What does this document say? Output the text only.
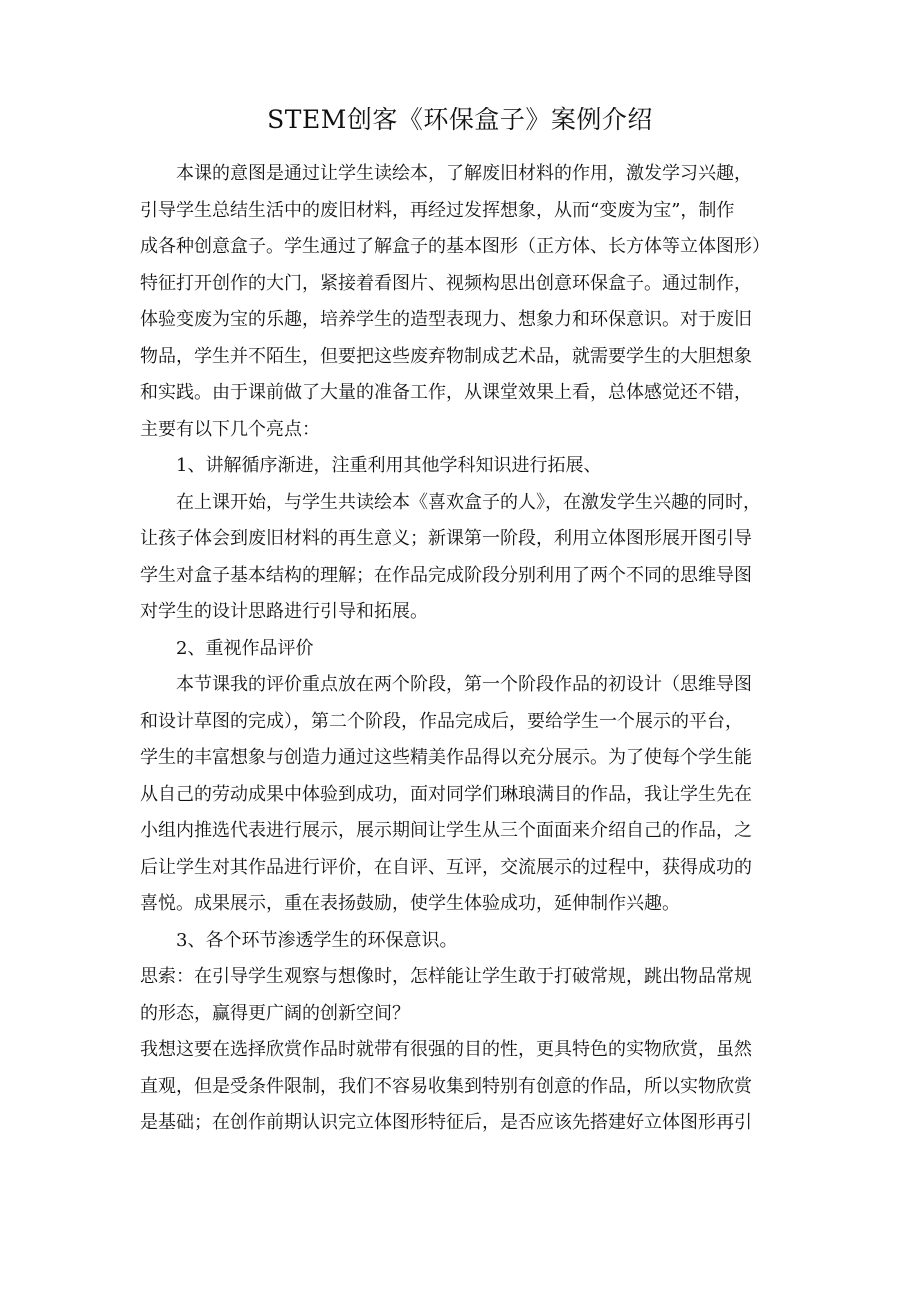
STEM创客《环保盒子》案例介绍
本课的意图是通过让学生读绘本，了解废旧材料的作用，激发学习兴趣，
引导学生总结生活中的废旧材料，再经过发挥想象，从而“变废为宝”，制作
成各种创意盒子。学生通过了解盒子的基本图形（正方体、长方体等立体图形）
特征打开创作的大门，紧接着看图片、视频构思出创意环保盒子。通过制作，
体验变废为宝的乐趣，培养学生的造型表现力、想象力和环保意识。对于废旧
物品，学生并不陌生，但要把这些废弃物制成艺术品，就需要学生的大胆想象
和实践。由于课前做了大量的准备工作，从课堂效果上看，总体感觉还不错，
主要有以下几个亮点：
1、讲解循序渐进，注重利用其他学科知识进行拓展、
在上课开始，与学生共读绘本《喜欢盒子的人》，在激发学生兴趣的同时，
让孩子体会到废旧材料的再生意义；新课第一阶段，利用立体图形展开图引导
学生对盒子基本结构的理解；在作品完成阶段分别利用了两个不同的思维导图
对学生的设计思路进行引导和拓展。
2、重视作品评价
本节课我的评价重点放在两个阶段，第一个阶段作品的初设计（思维导图
和设计草图的完成），第二个阶段，作品完成后，要给学生一个展示的平台，
学生的丰富想象与创造力通过这些精美作品得以充分展示。为了使每个学生能
从自己的劳动成果中体验到成功，面对同学们琳琅满目的作品，我让学生先在
小组内推选代表进行展示，展示期间让学生从三个面面来介绍自己的作品，之
后让学生对其作品进行评价，在自评、互评，交流展示的过程中，获得成功的
喜悦。成果展示，重在表扬鼓励，使学生体验成功，延伸制作兴趣。
3、各个环节渗透学生的环保意识。
思索：在引导学生观察与想像时，怎样能让学生敢于打破常规，跳出物品常规
的形态，赢得更广阔的创新空间？
我想这要在选择欣赏作品时就带有很强的目的性，更具特色的实物欣赏，虽然
直观，但是受条件限制，我们不容易收集到特别有创意的作品，所以实物欣赏
是基础；在创作前期认识完立体图形特征后，是否应该先搭建好立体图形再引
